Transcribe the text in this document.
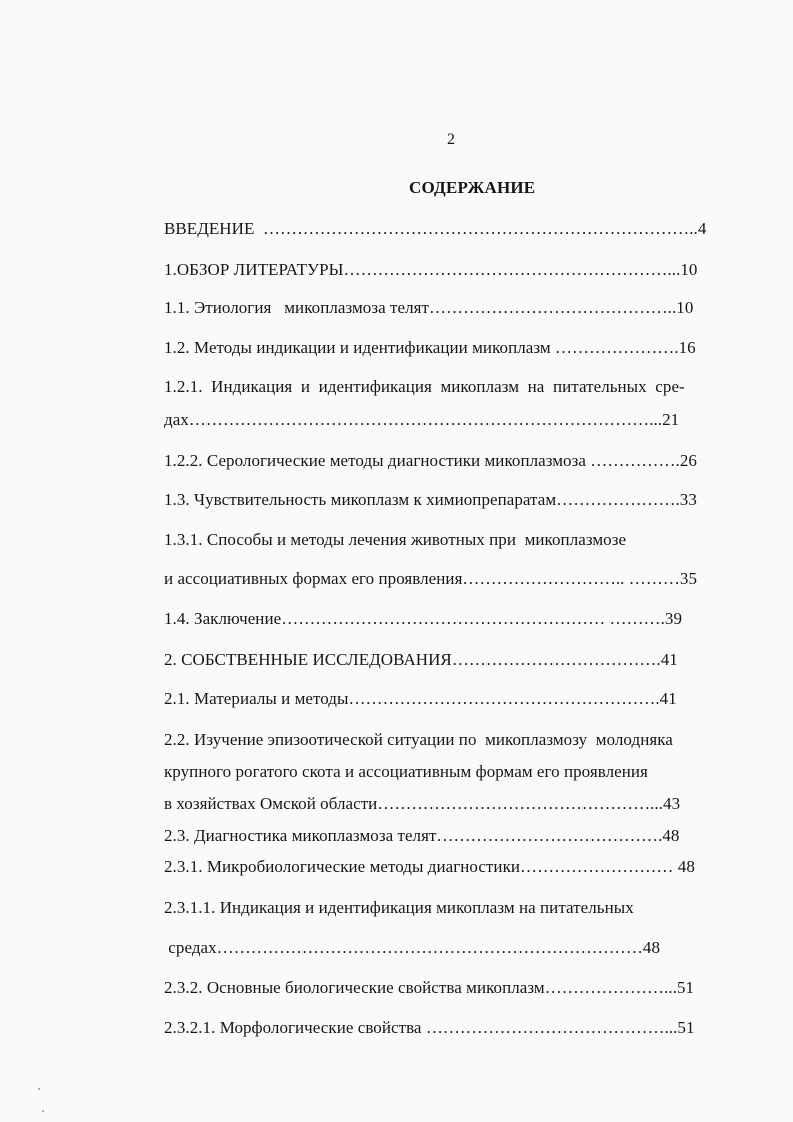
2
СОДЕРЖАНИЕ
ВВЕДЕНИЕ  …………………………………………………………………..4
1.ОБЗОР ЛИТЕРАТУРЫ…………………………………………………...10
1.1. Этиология   микоплазмоза телят……………………………………..10
1.2. Методы индикации и идентификации микоплазм ………………….16
1.2.1.  Индикация  и  идентификация  микоплазм  на  питательных  сре-
дах………………………………………………………………………...21
1.2.2. Серологические методы диагностики микоплазмоза …………….26
1.3. Чувствительность микоплазм к химиопрепаратам………………….33
1.3.1. Способы и методы лечения животных при  микоплазмозе
и ассоциативных формах его проявления……………………….. ………35
1.4. Заключение………………………………………………… ……….39
2. СОБСТВЕННЫЕ ИССЛЕДОВАНИЯ……………………………….41
2.1. Материалы и методы……………………………………………….41
2.2. Изучение эпизоотической ситуации по  микоплазмозу  молодняка
крупного рогатого скота и ассоциативным формам его проявления
в хозяйствах Омской области…………………………………………...43
2.3. Диагностика микоплазмоза телят………………………………….48
2.3.1. Микробиологические методы диагностики……………………… 48
2.3.1.1. Индикация и идентификация микоплазм на питательных
средах…………………………………………………………………48
2.3.2. Основные биологические свойства микоплазм…………………...51
2.3.2.1. Морфологические свойства ……………………………………...51
